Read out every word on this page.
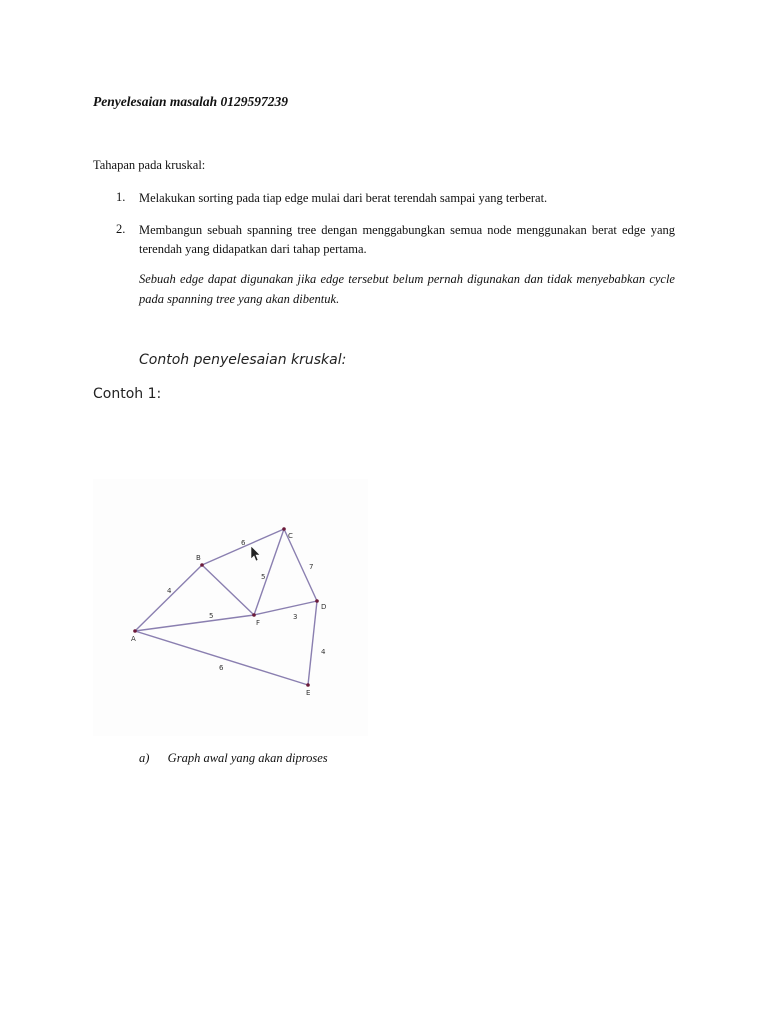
Penyelesaian masalah 0129597239
Tahapan pada kruskal:
1. Melakukan sorting pada tiap edge mulai dari berat terendah sampai yang terberat.
2. Membangun sebuah spanning tree dengan menggabungkan semua node menggunakan berat edge yang terendah yang didapatkan dari tahap pertama.
Sebuah edge dapat digunakan jika edge tersebut belum pernah digunakan dan tidak menyebabkan cycle pada spanning tree yang akan dibentuk.
Contoh penyelesaian kruskal:
Contoh 1:
4
6
5
7
5	3
4
6
A
B
C
D
E
F
a) Graph awal yang akan diproses
